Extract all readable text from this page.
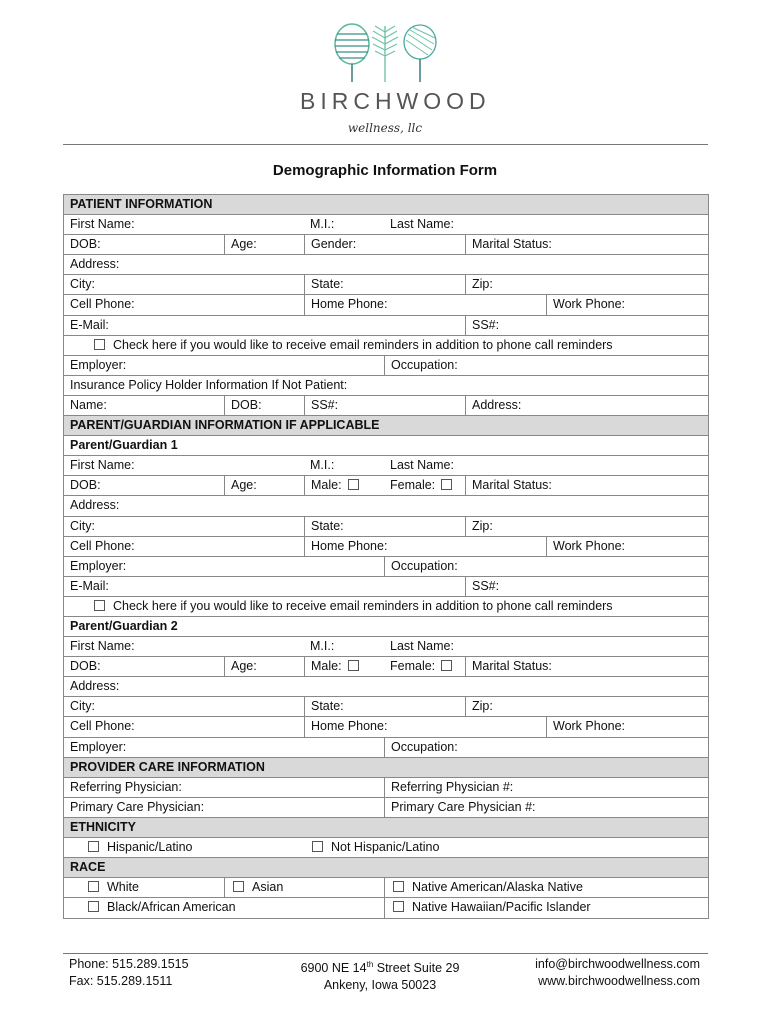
BIRCHWOOD
wellness, llc
Demographic Information Form
PATIENT INFORMATION
First Name:	M.I.:	Last Name:
DOB:	Age:	Gender:	Marital Status:
Address:
City:	State:	Zip:
Cell Phone:	Home Phone:	Work Phone:
E-Mail:	SS#:
Check here if you would like to receive email reminders in addition to phone call reminders
Employer:	Occupation:
Insurance Policy Holder Information If Not Patient:
Name:	DOB:	SS#:	Address:
PARENT/GUARDIAN INFORMATION IF APPLICABLE
Parent/Guardian 1
First Name:	M.I.:	Last Name:
DOB:	Age:	Male:	Female:	Marital Status:
Address:
City:	State:	Zip:
Cell Phone:	Home Phone:	Work Phone:
Employer:	Occupation:
E-Mail:	SS#:
Check here if you would like to receive email reminders in addition to phone call reminders
Parent/Guardian 2
First Name:	M.I.:	Last Name:
DOB:	Age:	Male:	Female:	Marital Status:
Address:
City:	State:	Zip:
Cell Phone:	Home Phone:	Work Phone:
Employer:	Occupation:
PROVIDER CARE INFORMATION
Referring Physician:	Referring Physician #:
Primary Care Physician:	Primary Care Physician #:
ETHNICITY
Hispanic/Latino	Not Hispanic/Latino
RACE
White	Asian	Native American/Alaska Native
Black/African American	Native Hawaiian/Pacific Islander
Phone: 515.289.1515
Fax: 515.289.1511
6900 NE 14th Street Suite 29
Ankeny, Iowa 50023
info@birchwoodwellness.com
www.birchwoodwellness.com
